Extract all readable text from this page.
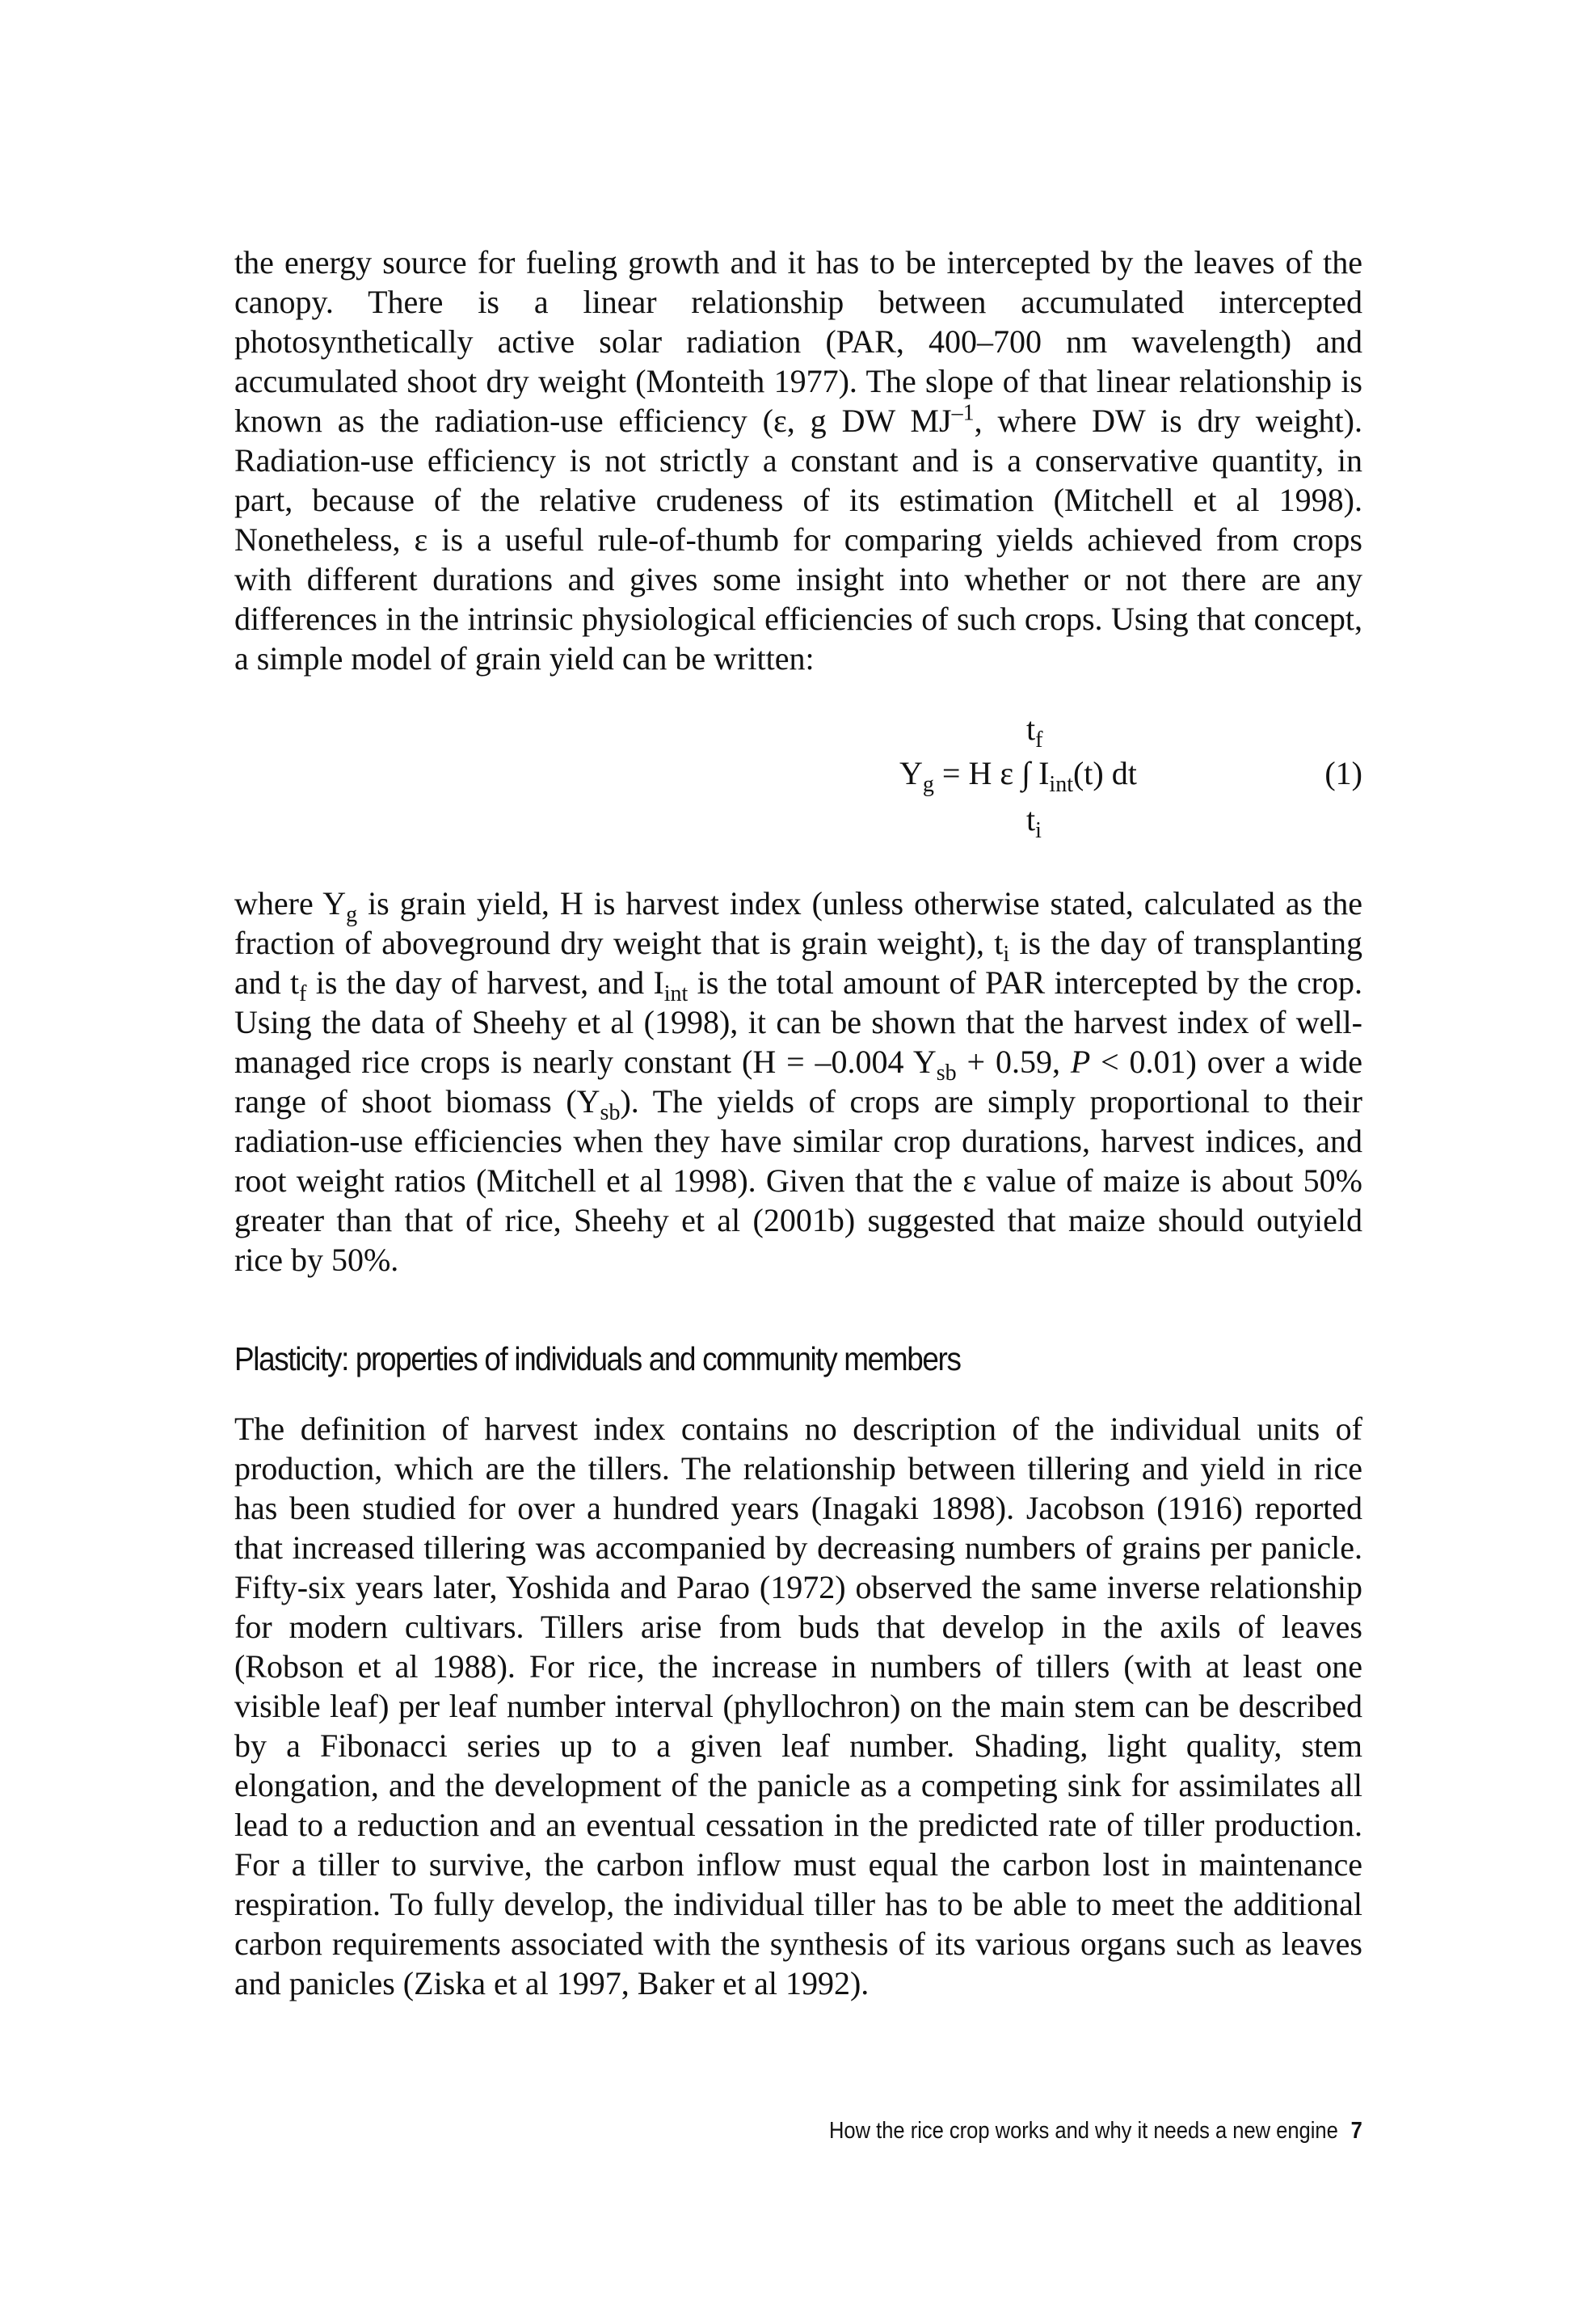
the energy source for fueling growth and it has to be intercepted by the leaves of the canopy. There is a linear relationship between accumulated intercepted photosynthetically active solar radiation (PAR, 400–700 nm wavelength) and accumulated shoot dry weight (Monteith 1977). The slope of that linear relationship is known as the radiation-use efficiency (ε, g DW $MJ^{-1}$, where DW is dry weight). Radiation-use efficiency is not strictly a constant and is a conservative quantity, in part, because of the relative crudeness of its estimation (Mitchell et al 1998). Nonetheless, ε is a useful rule-of-thumb for comparing yields achieved from crops with different durations and gives some insight into whether or not there are any differences in the intrinsic physiological efficiencies of such crops. Using that concept, a simple model of grain yield can be written:

$t_f$
$Y_g = H$ ε ∫ $I_{int}(t)$ dt
$t_i$
(1)

where $Y_g$ is grain yield, H is harvest index (unless otherwise stated, calculated as the fraction of aboveground dry weight that is grain weight), $t_i$ is the day of transplanting and $t_f$ is the day of harvest, and $I_{int}$ is the total amount of PAR intercepted by the crop. Using the data of Sheehy et al (1998), it can be shown that the harvest index of well-managed rice crops is nearly constant (H = –0.004 $Y_{sb} + 0.59$, P < 0.01) over a wide range of shoot biomass $(Y_{sb})$. The yields of crops are simply proportional to their radiation-use efficiencies when they have similar crop durations, harvest indices, and root weight ratios (Mitchell et al 1998). Given that the ε value of maize is about 50% greater than that of rice, Sheehy et al (2001b) suggested that maize should outyield rice by 50%.

Plasticity: properties of individuals and community members

The definition of harvest index contains no description of the individual units of production, which are the tillers. The relationship between tillering and yield in rice has been studied for over a hundred years (Inagaki 1898). Jacobson (1916) reported that increased tillering was accompanied by decreasing numbers of grains per panicle. Fifty-six years later, Yoshida and Parao (1972) observed the same inverse relationship for modern cultivars. Tillers arise from buds that develop in the axils of leaves (Robson et al 1988). For rice, the increase in numbers of tillers (with at least one visible leaf) per leaf number interval (phyllochron) on the main stem can be described by a Fibonacci series up to a given leaf number. Shading, light quality, stem elongation, and the development of the panicle as a competing sink for assimilates all lead to a reduction and an eventual cessation in the predicted rate of tiller production. For a tiller to survive, the carbon inflow must equal the carbon lost in maintenance respiration. To fully develop, the individual tiller has to be able to meet the additional carbon requirements associated with the synthesis of its various organs such as leaves and panicles (Ziska et al 1997, Baker et al 1992).

How the rice crop works and why it needs a new engine 7
